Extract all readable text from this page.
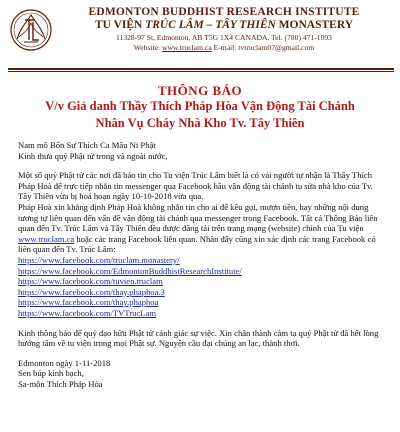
EDMONTON BUDDHIST RESEARCH INSTITUTE
TU VIỆN TRÚC LÂM – TÂY THIÊN MONASTERY
11328-97 St, Edmonton, AB T5G 1X4 CANADA. Tel. (780) 471-1093
Website: www.truclam.ca E-mail: tvtruclam07@gmail.com
THÔNG BÁO
V/v Giả danh Thầy Thích Pháp Hòa Vận Động Tài Chánh
Nhân Vụ Cháy Nhà Kho Tv. Tây Thiên

Nam mô Bổn Sư Thích Ca Mâu Ni Phật

Kính thưa quý Phật tử trong và ngoài nước,

Một số quý Phật tử các nơi đã báo tin cho Tu viện Trúc Lâm biết là có vài người tự nhận là Thầy Thích Pháp Hoà để trực tiếp nhắn tin messenger qua Facebook hầu vận động tài chánh tu sửa nhà kho của Tv. Tây Thiên vừa bị hoả hoạn ngày 10-10-2018 vừa qua.

Pháp Hoà xin khẳng định Pháp Hoà không nhắn tin cho ai để kêu gọi, mượn tiền, hay những nội dung tương tự liên quan đến vấn đề vận động tài chánh qua messenger trong Facebook. Tất cả Thông Báo liên quan đến Tv. Trúc Lâm và Tây Thiên đều được đăng tải trên trang mạng (website) chính của Tu viện www.truclam.ca hoặc các trang Facebook liên quan. Nhân đây cũng xin xác định các trang Facebook có liên quan đến Tv. Trúc Lâm:

https://www.facebook.com/truclam.monastery/
https://www.facebook.com/EdmontonBuddhistResearchInstitute/
https://www.facebook.com/tuvien.truclam
https://www.facebook.com/thay.phaphoa.3
https://www.facebook.com/thay.phaphoa
https://www.facebook.com/TVTrucLam

Kính thông báo để quý đạo hữu Phật tử cảnh giác sự việc. Xin chân thành cảm tạ quý Phật tử đã hết lòng hướng tâm về tu viện trong mọi Phật sự. Nguyện cầu đại chúng an lạc, thành thơi.

Edmonton ngày 1-11-2018

Sen búp kính bạch,

Sa-môn Thích Pháp Hòa
